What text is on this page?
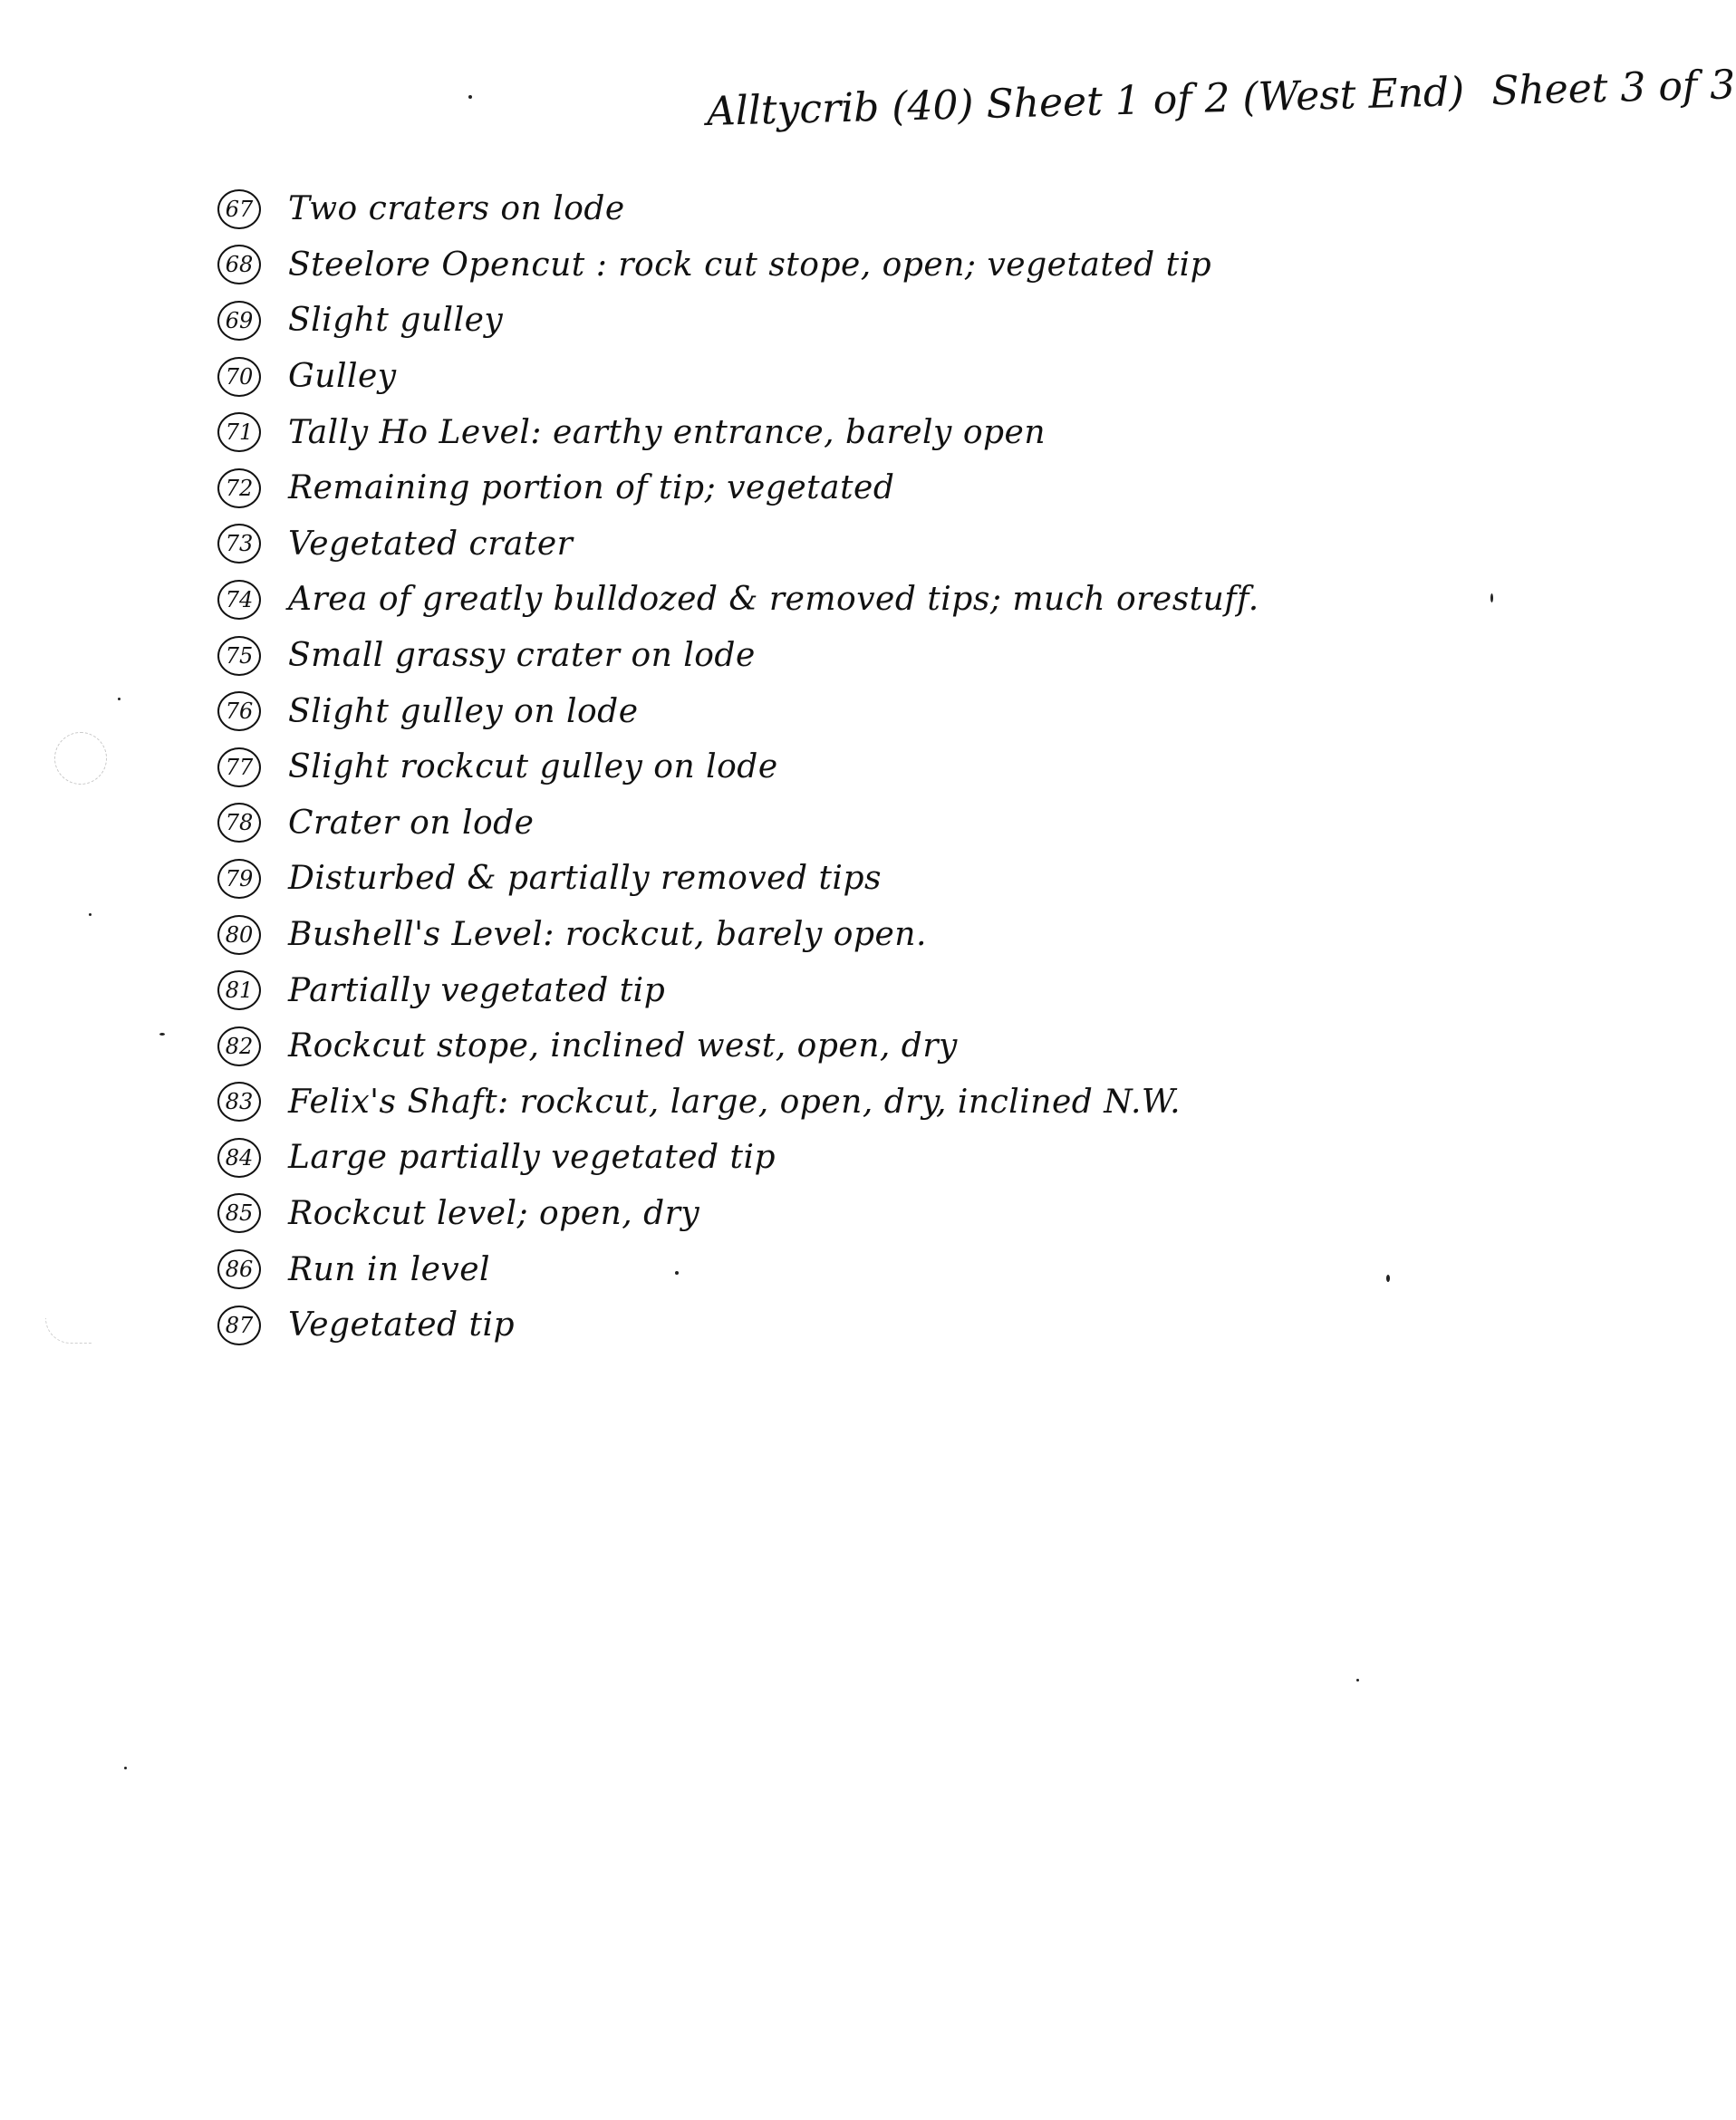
Alltycrib (40) Sheet 1 of 2 (West End) Sheet 3 of 3
67 Two craters on lode
68 Steelore Opencut : rock cut stope, open; vegetated tip
69 Slight gulley
70 Gulley
71 Tally Ho Level: earthy entrance, barely open
72 Remaining portion of tip; vegetated
73 Vegetated crater
74 Area of greatly bulldozed & removed tips; much orestuff.
75 Small grassy crater on lode
76 Slight gulley on lode
77 Slight rockcut gulley on lode
78 Crater on lode
79 Disturbed & partially removed tips
80 Bushell's Level: rockcut, barely open.
81 Partially vegetated tip
82 Rockcut stope, inclined west, open, dry
83 Felix's Shaft: rockcut, large, open, dry, inclined N.W.
84 Large partially vegetated tip
85 Rockcut level; open, dry
86 Run in level
87 Vegetated tip
